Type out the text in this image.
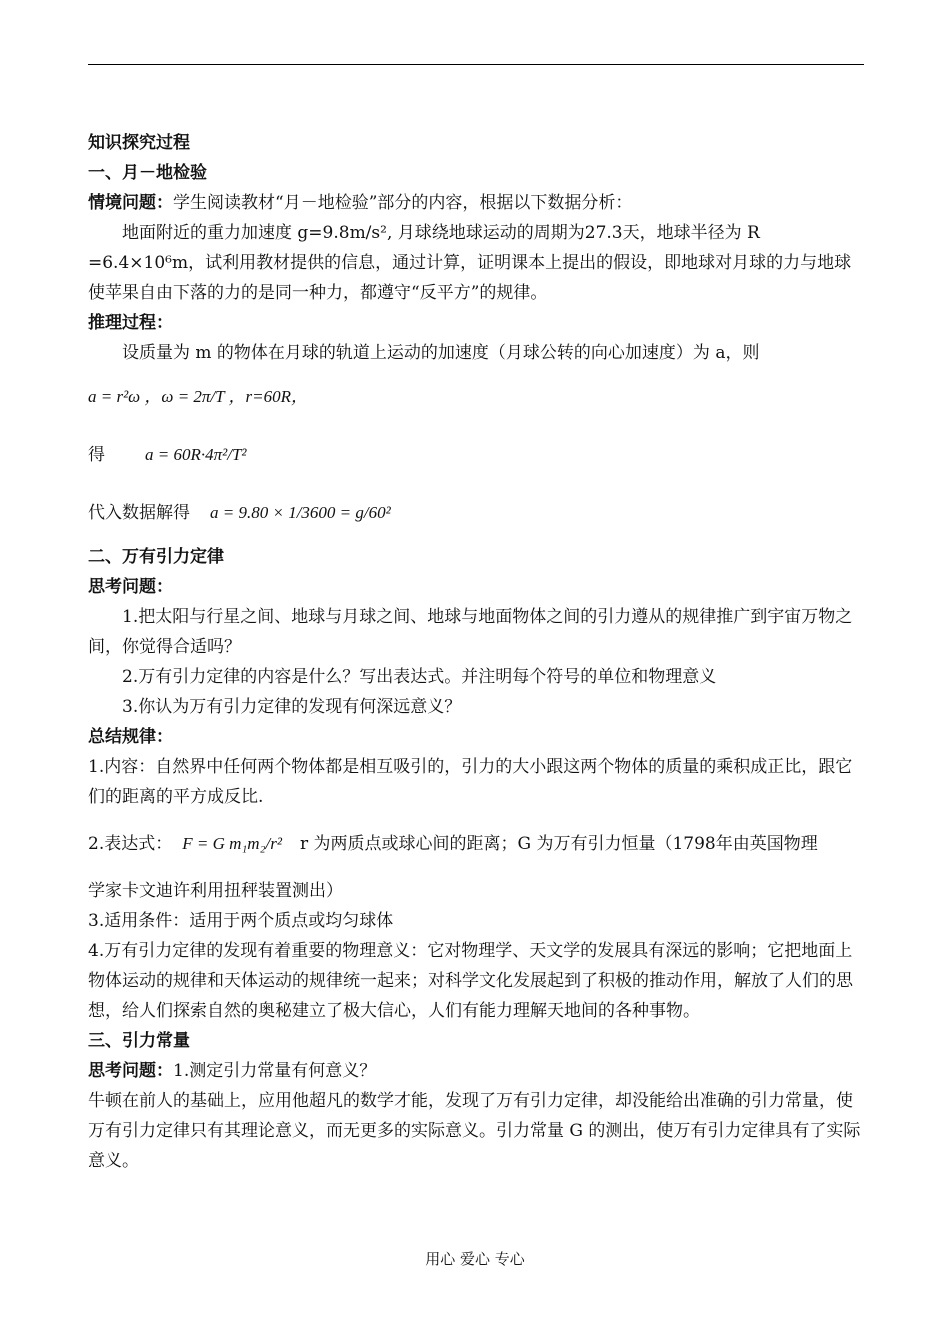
知识探究过程

一、月－地检验

情境问题：学生阅读教材“月－地检验”部分的内容，根据以下数据分析：

地面附近的重力加速度 g=9.8m/s², 月球绕地球运动的周期为27.3天，地球半径为 R =6.4×10⁶m，试利用教材提供的信息，通过计算，证明课本上提出的假设，即地球对月球的力与地球使苹果自由下落的力的是同一种力，都遵守“反平方”的规律。

推理过程：

设质量为 m 的物体在月球的轨道上运动的加速度（月球公转的向心加速度）为 a，则

a = r²ω ，ω = 2π/T ，r=60R，
得 a = 60R·4π²/T²
代入数据解得 a = 9.80 × 1/3600 = g/60²

二、万有引力定律

思考问题：

1.把太阳与行星之间、地球与月球之间、地球与地面物体之间的引力遵从的规律推广到宇宙万物之间，你觉得合适吗？

2.万有引力定律的内容是什么？写出表达式。并注明每个符号的单位和物理意义

3.你认为万有引力定律的发现有何深远意义？

总结规律：

1.内容：自然界中任何两个物体都是相互吸引的，引力的大小跟这两个物体的质量的乘积成正比，跟它们的距离的平方成反比.

2.表达式： F = G m₁m₂/r² r 为两质点或球心间的距离；G 为万有引力恒量（1798年由英国物理

学家卡文迪许利用扭秤装置测出）

3.适用条件：适用于两个质点或均匀球体

4.万有引力定律的发现有着重要的物理意义：它对物理学、天文学的发展具有深远的影响；它把地面上物体运动的规律和天体运动的规律统一起来；对科学文化发展起到了积极的推动作用，解放了人们的思想，给人们探索自然的奥秘建立了极大信心，人们有能力理解天地间的各种事物。

三、引力常量

思考问题：1.测定引力常量有何意义？

牛顿在前人的基础上，应用他超凡的数学才能，发现了万有引力定律，却没能给出准确的引力常量，使万有引力定律只有其理论意义，而无更多的实际意义。引力常量 G 的测出，使万有引力定律具有了实际意义。

用心 爱心 专心
